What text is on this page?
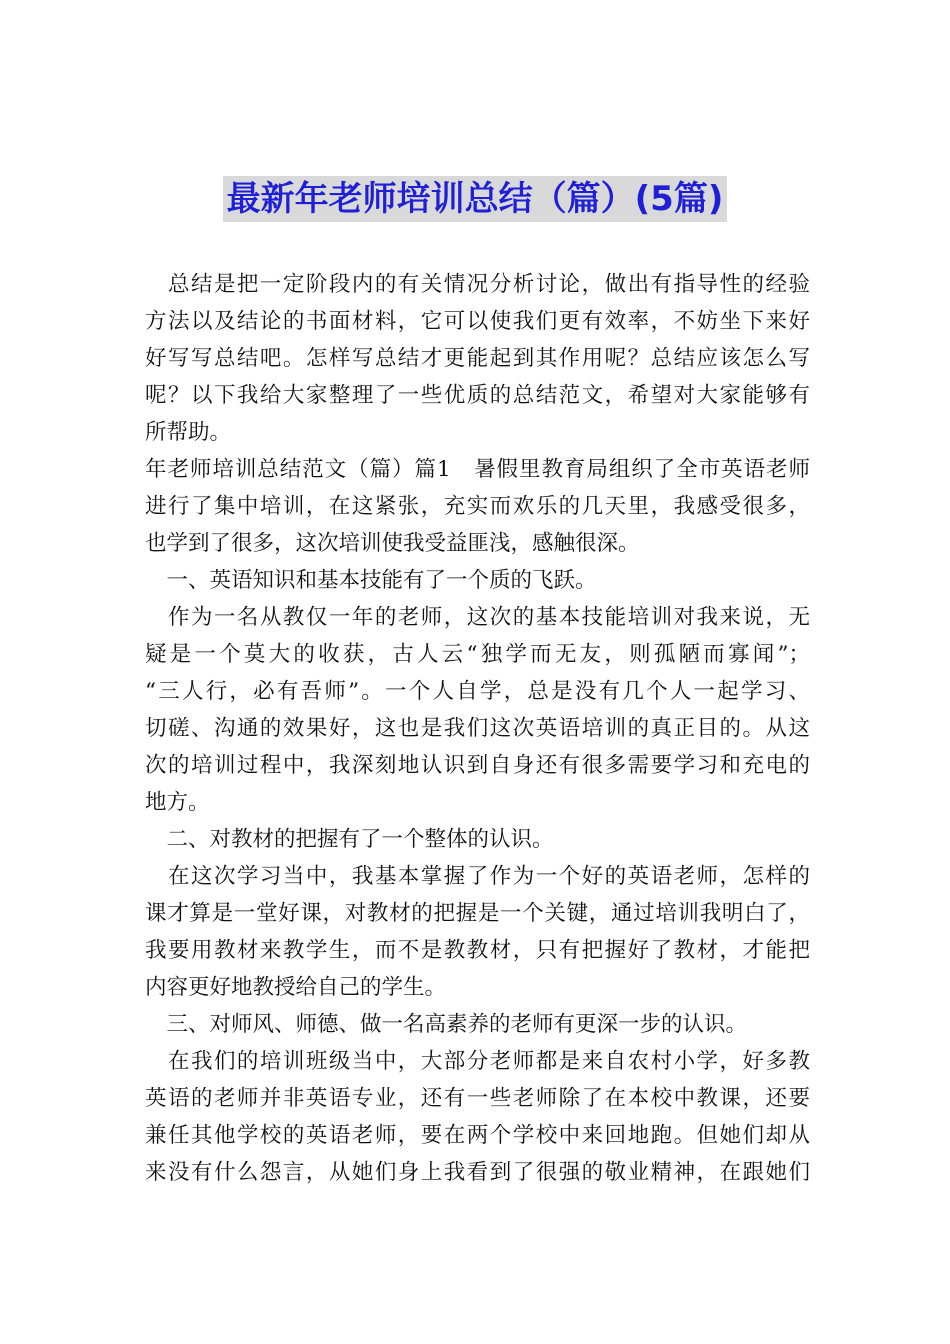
最新年老师培训总结（篇）(5篇)
　总结是把一定阶段内的有关情况分析讨论，做出有指导性的经验
方法以及结论的书面材料，它可以使我们更有效率，不妨坐下来好
好写写总结吧。怎样写总结才更能起到其作用呢？总结应该怎么写
呢？以下我给大家整理了一些优质的总结范文，希望对大家能够有
所帮助。
年老师培训总结范文（篇）篇1　暑假里教育局组织了全市英语老师
进行了集中培训，在这紧张，充实而欢乐的几天里，我感受很多，
也学到了很多，这次培训使我受益匪浅，感触很深。
　一、英语知识和基本技能有了一个质的飞跃。
　作为一名从教仅一年的老师，这次的基本技能培训对我来说，无
疑是一个莫大的收获，古人云“独学而无友，则孤陋而寡闻”；
“三人行，必有吾师”。一个人自学，总是没有几个人一起学习、
切磋、沟通的效果好，这也是我们这次英语培训的真正目的。从这
次的培训过程中，我深刻地认识到自身还有很多需要学习和充电的
地方。
　二、对教材的把握有了一个整体的认识。
　在这次学习当中，我基本掌握了作为一个好的英语老师，怎样的
课才算是一堂好课，对教材的把握是一个关键，通过培训我明白了，
我要用教材来教学生，而不是教教材，只有把握好了教材，才能把
内容更好地教授给自己的学生。
　三、对师风、师德、做一名高素养的老师有更深一步的认识。
　在我们的培训班级当中，大部分老师都是来自农村小学，好多教
英语的老师并非英语专业，还有一些老师除了在本校中教课，还要
兼任其他学校的英语老师，要在两个学校中来回地跑。但她们却从
来没有什么怨言，从她们身上我看到了很强的敬业精神，在跟她们
